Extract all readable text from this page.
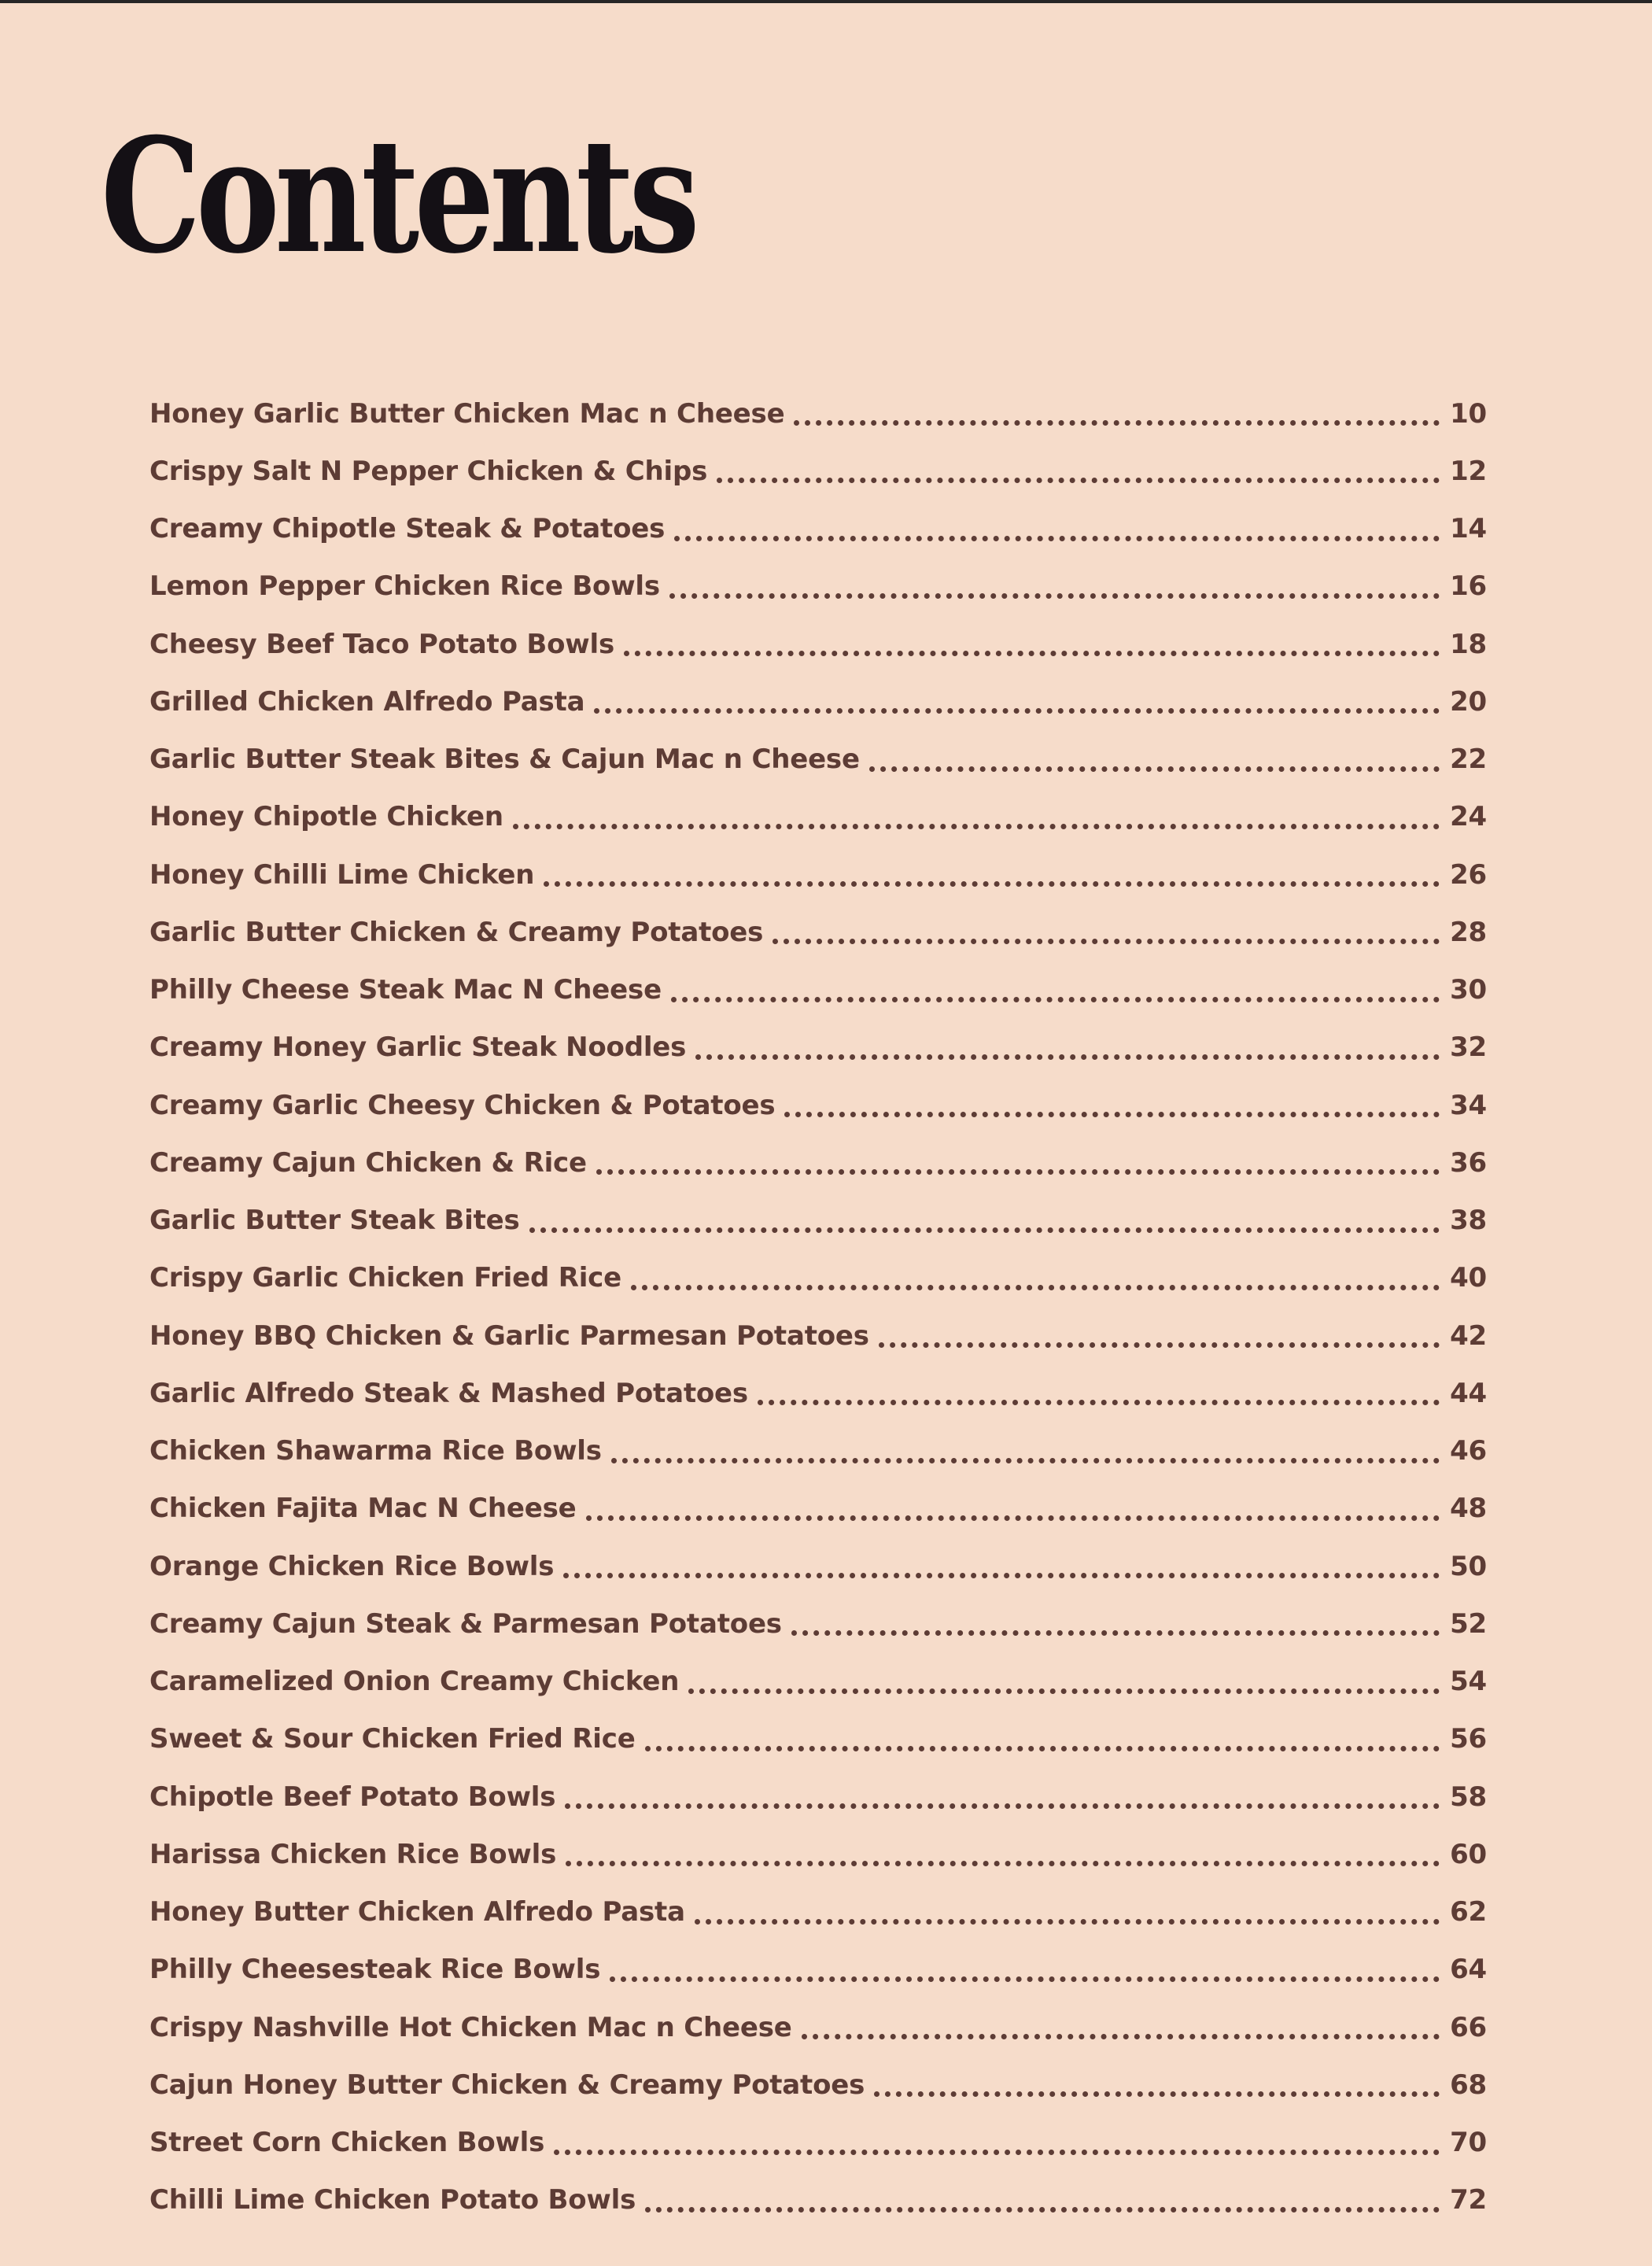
Contents
Honey Garlic Butter Chicken Mac n Cheese	10
Crispy Salt N Pepper Chicken & Chips	12
Creamy Chipotle Steak & Potatoes	14
Lemon Pepper Chicken Rice Bowls	16
Cheesy Beef Taco Potato Bowls	18
Grilled Chicken Alfredo Pasta	20
Garlic Butter Steak Bites & Cajun Mac n Cheese	22
Honey Chipotle Chicken	24
Honey Chilli Lime Chicken	26
Garlic Butter Chicken & Creamy Potatoes	28
Philly Cheese Steak Mac N Cheese	30
Creamy Honey Garlic Steak Noodles	32
Creamy Garlic Cheesy Chicken & Potatoes	34
Creamy Cajun Chicken & Rice	36
Garlic Butter Steak Bites	38
Crispy Garlic Chicken Fried Rice	40
Honey BBQ Chicken & Garlic Parmesan Potatoes	42
Garlic Alfredo Steak & Mashed Potatoes	44
Chicken Shawarma Rice Bowls	46
Chicken Fajita Mac N Cheese	48
Orange Chicken Rice Bowls	50
Creamy Cajun Steak & Parmesan Potatoes	52
Caramelized Onion Creamy Chicken	54
Sweet & Sour Chicken Fried Rice	56
Chipotle Beef Potato Bowls	58
Harissa Chicken Rice Bowls	60
Honey Butter Chicken Alfredo Pasta	62
Philly Cheesesteak Rice Bowls	64
Crispy Nashville Hot Chicken Mac n Cheese	66
Cajun Honey Butter Chicken & Creamy Potatoes	68
Street Corn Chicken Bowls	70
Chilli Lime Chicken Potato Bowls	72
